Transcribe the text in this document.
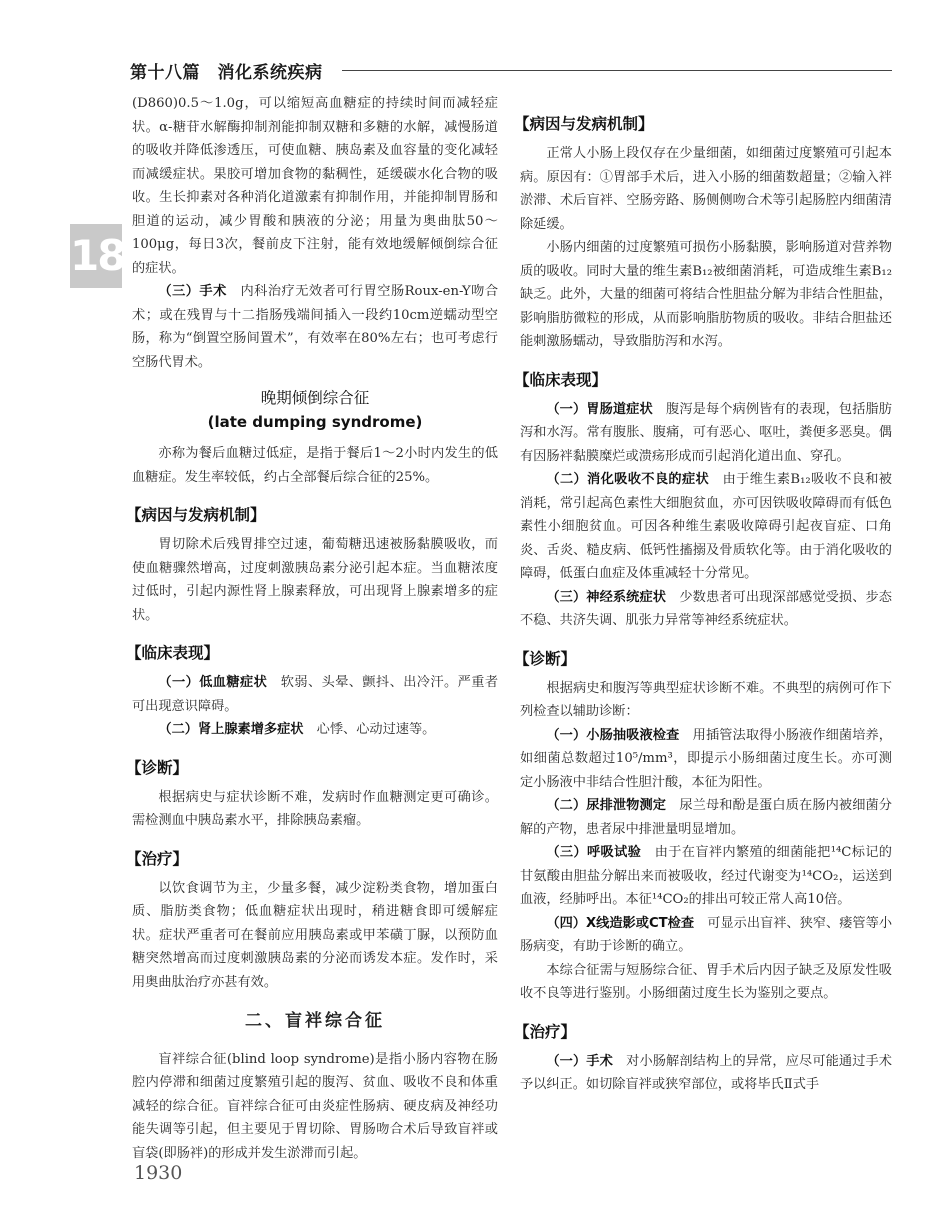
第十八篇　消化系统疾病
18

(D860)0.5～1.0g，可以缩短高血糖症的持续时间而减轻症状。α-糖苷水解酶抑制剂能抑制双糖和多糖的水解，减慢肠道的吸收并降低渗透压，可使血糖、胰岛素及血容量的变化减轻而减缓症状。果胶可增加食物的黏稠性，延缓碳水化合物的吸收。生长抑素对各种消化道激素有抑制作用，并能抑制胃肠和胆道的运动，减少胃酸和胰液的分泌；用量为奥曲肽50～100μg，每日3次，餐前皮下注射，能有效地缓解倾倒综合征的症状。

（三）手术　内科治疗无效者可行胃空肠Roux-en-Y吻合术；或在残胃与十二指肠残端间插入一段约10cm逆蠕动型空肠，称为“倒置空肠间置术”，有效率在80%左右；也可考虑行空肠代胃术。

晚期倾倒综合征
(late dumping syndrome)

亦称为餐后血糖过低症，是指于餐后1～2小时内发生的低血糖症。发生率较低，约占全部餐后综合征的25%。

【病因与发病机制】

胃切除术后残胃排空过速，葡萄糖迅速被肠黏膜吸收，而使血糖骤然增高，过度刺激胰岛素分泌引起本症。当血糖浓度过低时，引起内源性肾上腺素释放，可出现肾上腺素增多的症状。

【临床表现】

（一）低血糖症状　软弱、头晕、颤抖、出冷汗。严重者可出现意识障碍。

（二）肾上腺素增多症状　心悸、心动过速等。

【诊断】

根据病史与症状诊断不难，发病时作血糖测定更可确诊。需检测血中胰岛素水平，排除胰岛素瘤。

【治疗】

以饮食调节为主，少量多餐，减少淀粉类食物，增加蛋白质、脂肪类食物；低血糖症状出现时，稍进糖食即可缓解症状。症状严重者可在餐前应用胰岛素或甲苯磺丁脲，以预防血糖突然增高而过度刺激胰岛素的分泌而诱发本症。发作时，采用奥曲肽治疗亦甚有效。

二、盲袢综合征

盲袢综合征(blind loop syndrome)是指小肠内容物在肠腔内停滞和细菌过度繁殖引起的腹泻、贫血、吸收不良和体重减轻的综合征。盲袢综合征可由炎症性肠病、硬皮病及神经功能失调等引起，但主要见于胃切除、胃肠吻合术后导致盲袢或盲袋(即肠袢)的形成并发生淤滞而引起。

【病因与发病机制】

正常人小肠上段仅存在少量细菌，如细菌过度繁殖可引起本病。原因有：①胃部手术后，进入小肠的细菌数超量；②输入袢淤滞、术后盲袢、空肠旁路、肠侧侧吻合术等引起肠腔内细菌清除延缓。

小肠内细菌的过度繁殖可损伤小肠黏膜，影响肠道对营养物质的吸收。同时大量的维生素B₁₂被细菌消耗，可造成维生素B₁₂缺乏。此外，大量的细菌可将结合性胆盐分解为非结合性胆盐，影响脂肪微粒的形成，从而影响脂肪物质的吸收。非结合胆盐还能刺激肠蠕动，导致脂肪泻和水泻。

【临床表现】

（一）胃肠道症状　腹泻是每个病例皆有的表现，包括脂肪泻和水泻。常有腹胀、腹痛，可有恶心、呕吐，粪便多恶臭。偶有因肠袢黏膜糜烂或溃疡形成而引起消化道出血、穿孔。

（二）消化吸收不良的症状　由于维生素B₁₂吸收不良和被消耗，常引起高色素性大细胞贫血，亦可因铁吸收障碍而有低色素性小细胞贫血。可因各种维生素吸收障碍引起夜盲症、口角炎、舌炎、糙皮病、低钙性搐搦及骨质软化等。由于消化吸收的障碍，低蛋白血症及体重减轻十分常见。

（三）神经系统症状　少数患者可出现深部感觉受损、步态不稳、共济失调、肌张力异常等神经系统症状。

【诊断】

根据病史和腹泻等典型症状诊断不难。不典型的病例可作下列检查以辅助诊断：

（一）小肠抽吸液检查　用插管法取得小肠液作细菌培养，如细菌总数超过10⁵/mm³，即提示小肠细菌过度生长。亦可测定小肠液中非结合性胆汁酸，本征为阳性。

（二）尿排泄物测定　尿兰母和酚是蛋白质在肠内被细菌分解的产物，患者尿中排泄量明显增加。

（三）呼吸试验　由于在盲袢内繁殖的细菌能把¹⁴C标记的甘氨酸由胆盐分解出来而被吸收，经过代谢变为¹⁴CO₂，运送到血液，经肺呼出。本征¹⁴CO₂的排出可较正常人高10倍。

（四）X线造影或CT检查　可显示出盲袢、狭窄、瘘管等小肠病变，有助于诊断的确立。

本综合征需与短肠综合征、胃手术后内因子缺乏及原发性吸收不良等进行鉴别。小肠细菌过度生长为鉴别之要点。

【治疗】

（一）手术　对小肠解剖结构上的异常，应尽可能通过手术予以纠正。如切除盲袢或狭窄部位，或将毕氏Ⅱ式手

1930
